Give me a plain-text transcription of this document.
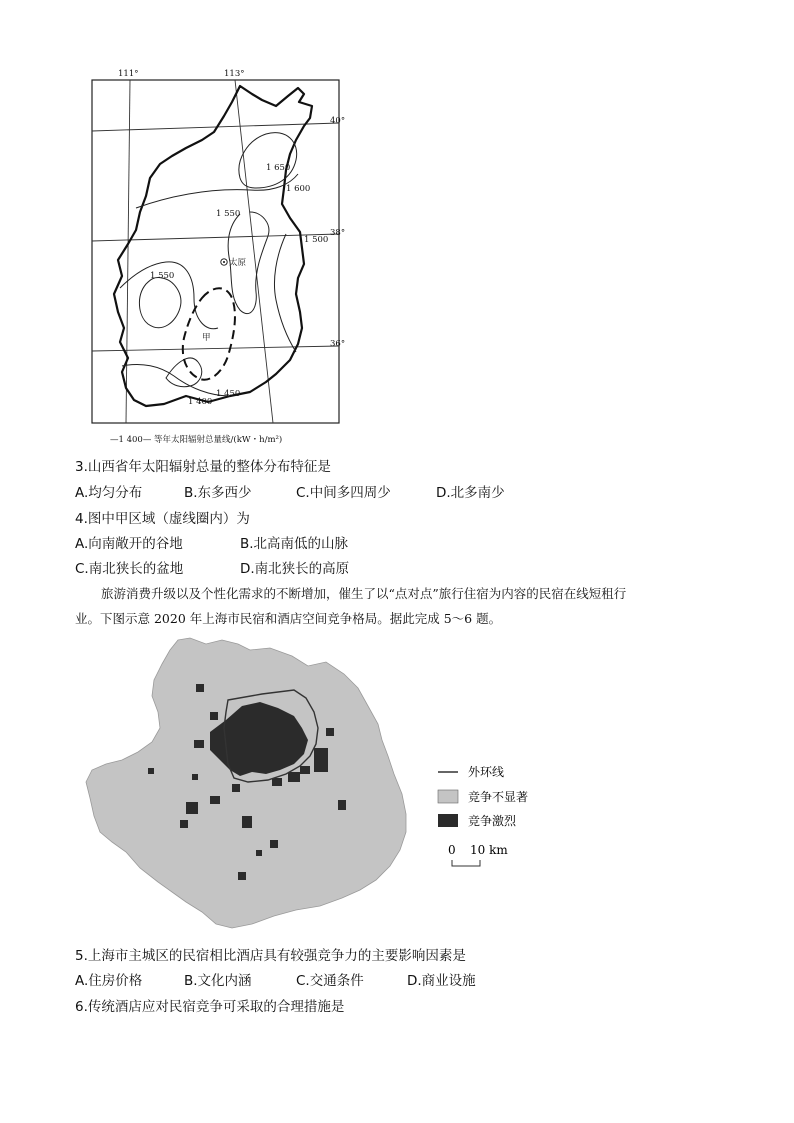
111°	113°
40°
38°
36°
1 650
1 600
1 550
1 500
1 550
1 450
1 400
太原
甲
—1 400— 等年太阳辐射总量线/(kW・h/m²)
3.山西省年太阳辐射总量的整体分布特征是
A.均匀分布	B.东多西少	C.中间多四周少	D.北多南少
4.图中甲区域（虚线圈内）为
A.向南敞开的谷地	B.北高南低的山脉
C.南北狭长的盆地	D.南北狭长的高原
旅游消费升级以及个性化需求的不断增加，催生了以“点对点”旅行住宿为内容的民宿在线短租行
业。下图示意 2020 年上海市民宿和酒店空间竞争格局。据此完成 5～6 题。
外环线
竞争不显著
竞争激烈
0 10 km
5.上海市主城区的民宿相比酒店具有较强竞争力的主要影响因素是
A.住房价格	B.文化内涵	C.交通条件	D.商业设施
6.传统酒店应对民宿竞争可采取的合理措施是
